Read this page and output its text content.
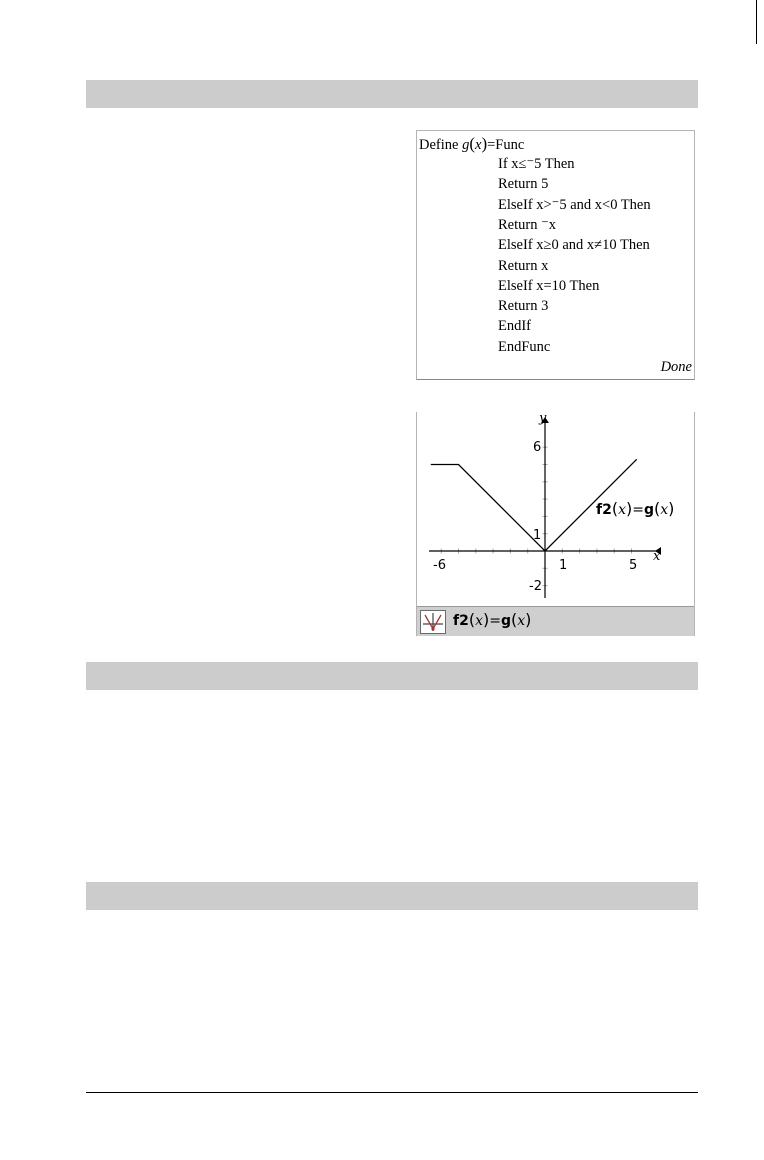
Define g(x)=Func
If x≤⁻5 Then
Return 5
ElseIf x>⁻5 and x<0 Then
Return ⁻x
ElseIf x≥0 and x≠10 Then
Return x
ElseIf x=10 Then
Return 3
EndIf
EndFunc
Done
y
x
6
1
-2
-6	1	5
f2(x)=g(x)
f2(x)=g(x)
